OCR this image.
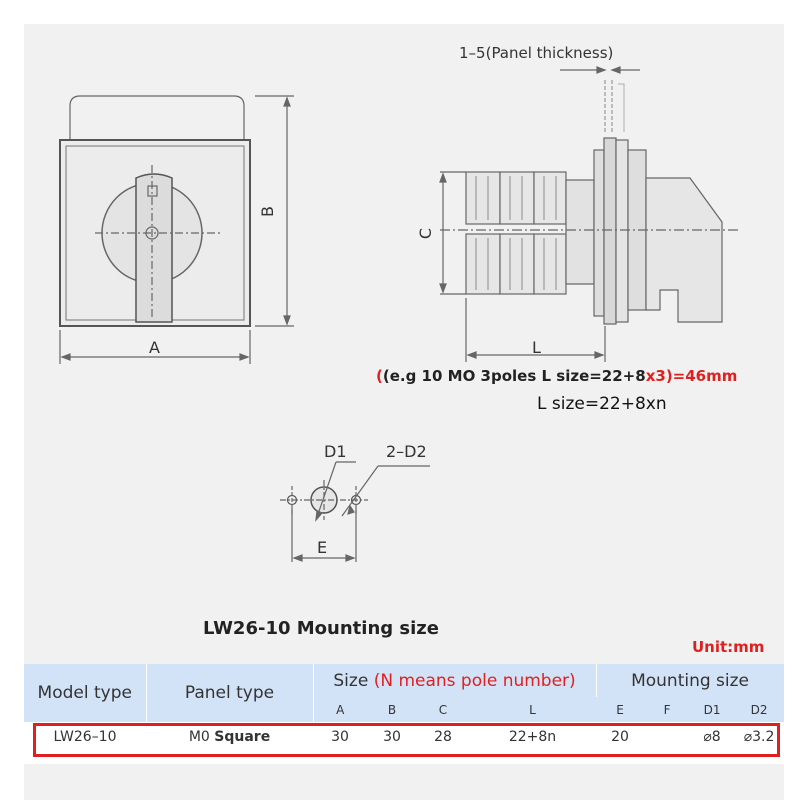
A
B
1–5(Panel thickness)
C
L
((e.g 10 MO 3poles L size=22+8x3)=46mm
L size=22+8xn
D1 2–D2
E
LW26-10 Mounting size
Unit:mm
Model type	Panel type	Size (N means pole number)				Mounting size			
		A	B	C	L	E	F	D1	D2
LW26–10	M0 Square	30	30	28	22+8n	20		⌀8	⌀3.2
